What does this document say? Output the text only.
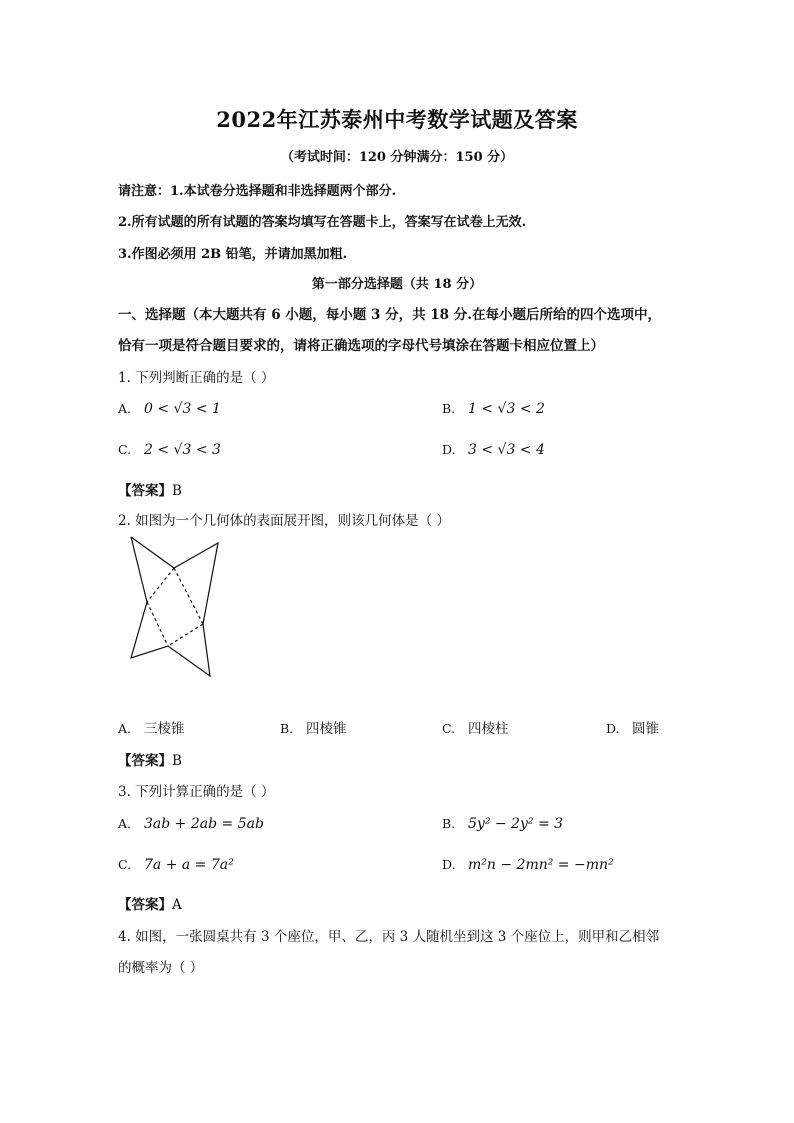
2022年江苏泰州中考数学试题及答案
（考试时间：120 分钟满分：150 分）
请注意：1.本试卷分选择题和非选择题两个部分.
2.所有试题的所有试题的答案均填写在答题卡上，答案写在试卷上无效.
3.作图必须用 2B 铅笔，并请加黑加粗.
第一部分选择题（共 18 分）
一、选择题（本大题共有 6 小题，每小题 3 分，共 18 分.在每小题后所给的四个选项中，
恰有一项是符合题目要求的，请将正确选项的字母代号填涂在答题卡相应位置上）
1. 下列判断正确的是（ ）
A. 0 < √3 < 1	B. 1 < √3 < 2
C. 2 < √3 < 3	D. 3 < √3 < 4
【答案】B
2. 如图为一个几何体的表面展开图，则该几何体是（ ）
A. 三棱锥	B. 四棱锥	C. 四棱柱	D. 圆锥
【答案】B
3. 下列计算正确的是（ ）
A. 3ab + 2ab = 5ab	B. 5y² − 2y² = 3
C. 7a + a = 7a²	D. m²n − 2mn² = −mn²
【答案】A
4. 如图，一张圆桌共有 3 个座位，甲、乙，丙 3 人随机坐到这 3 个座位上，则甲和乙相邻
的概率为（ ）
